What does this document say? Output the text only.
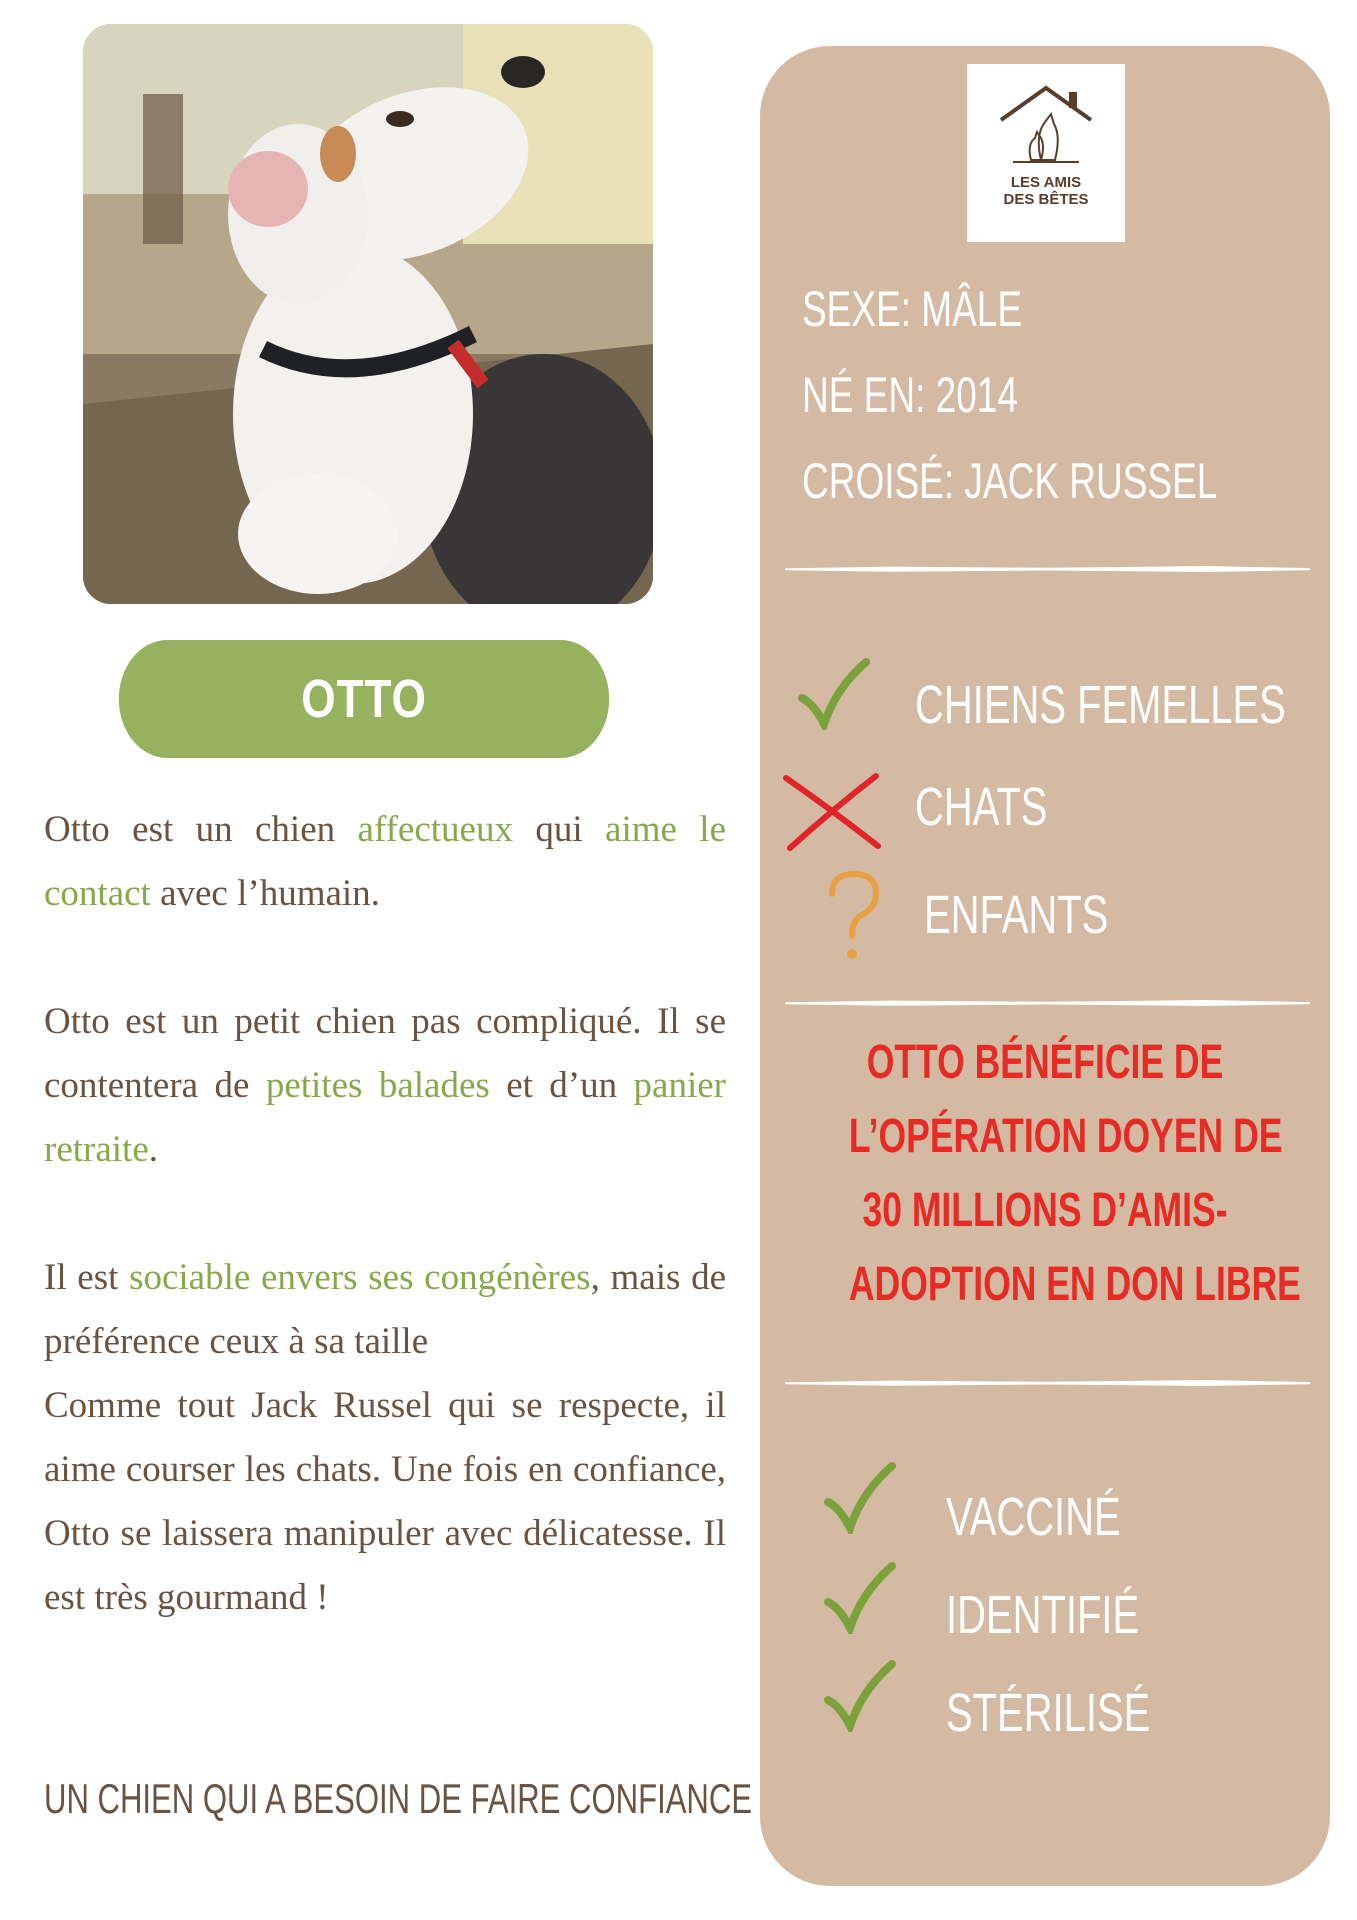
OTTO

Otto est un chien affectueux qui aime le contact avec l’humain.

Otto est un petit chien pas compliqué. Il se contentera de petites balades et d’un panier retraite.

Il est sociable envers ses congénères, mais de préférence ceux à sa taille

Comme tout Jack Russel qui se respecte, il aime courser les chats. Une fois en confiance, Otto se laissera manipuler avec délicatesse. Il est très gourmand !

UN CHIEN QUI A BESOIN DE FAIRE CONFIANCE
LES AMIS
DES BÊTES
SEXE: MÂLE
NÉ EN: 2014
CROISÉ: JACK RUSSEL
CHIENS FEMELLES
CHATS
ENFANTS
OTTO BÉNÉFICIE DE
L’OPÉRATION DOYEN DE
30 MILLIONS D’AMIS-
ADOPTION EN DON LIBRE
VACCINÉ
IDENTIFIÉ
STÉRILISÉ
